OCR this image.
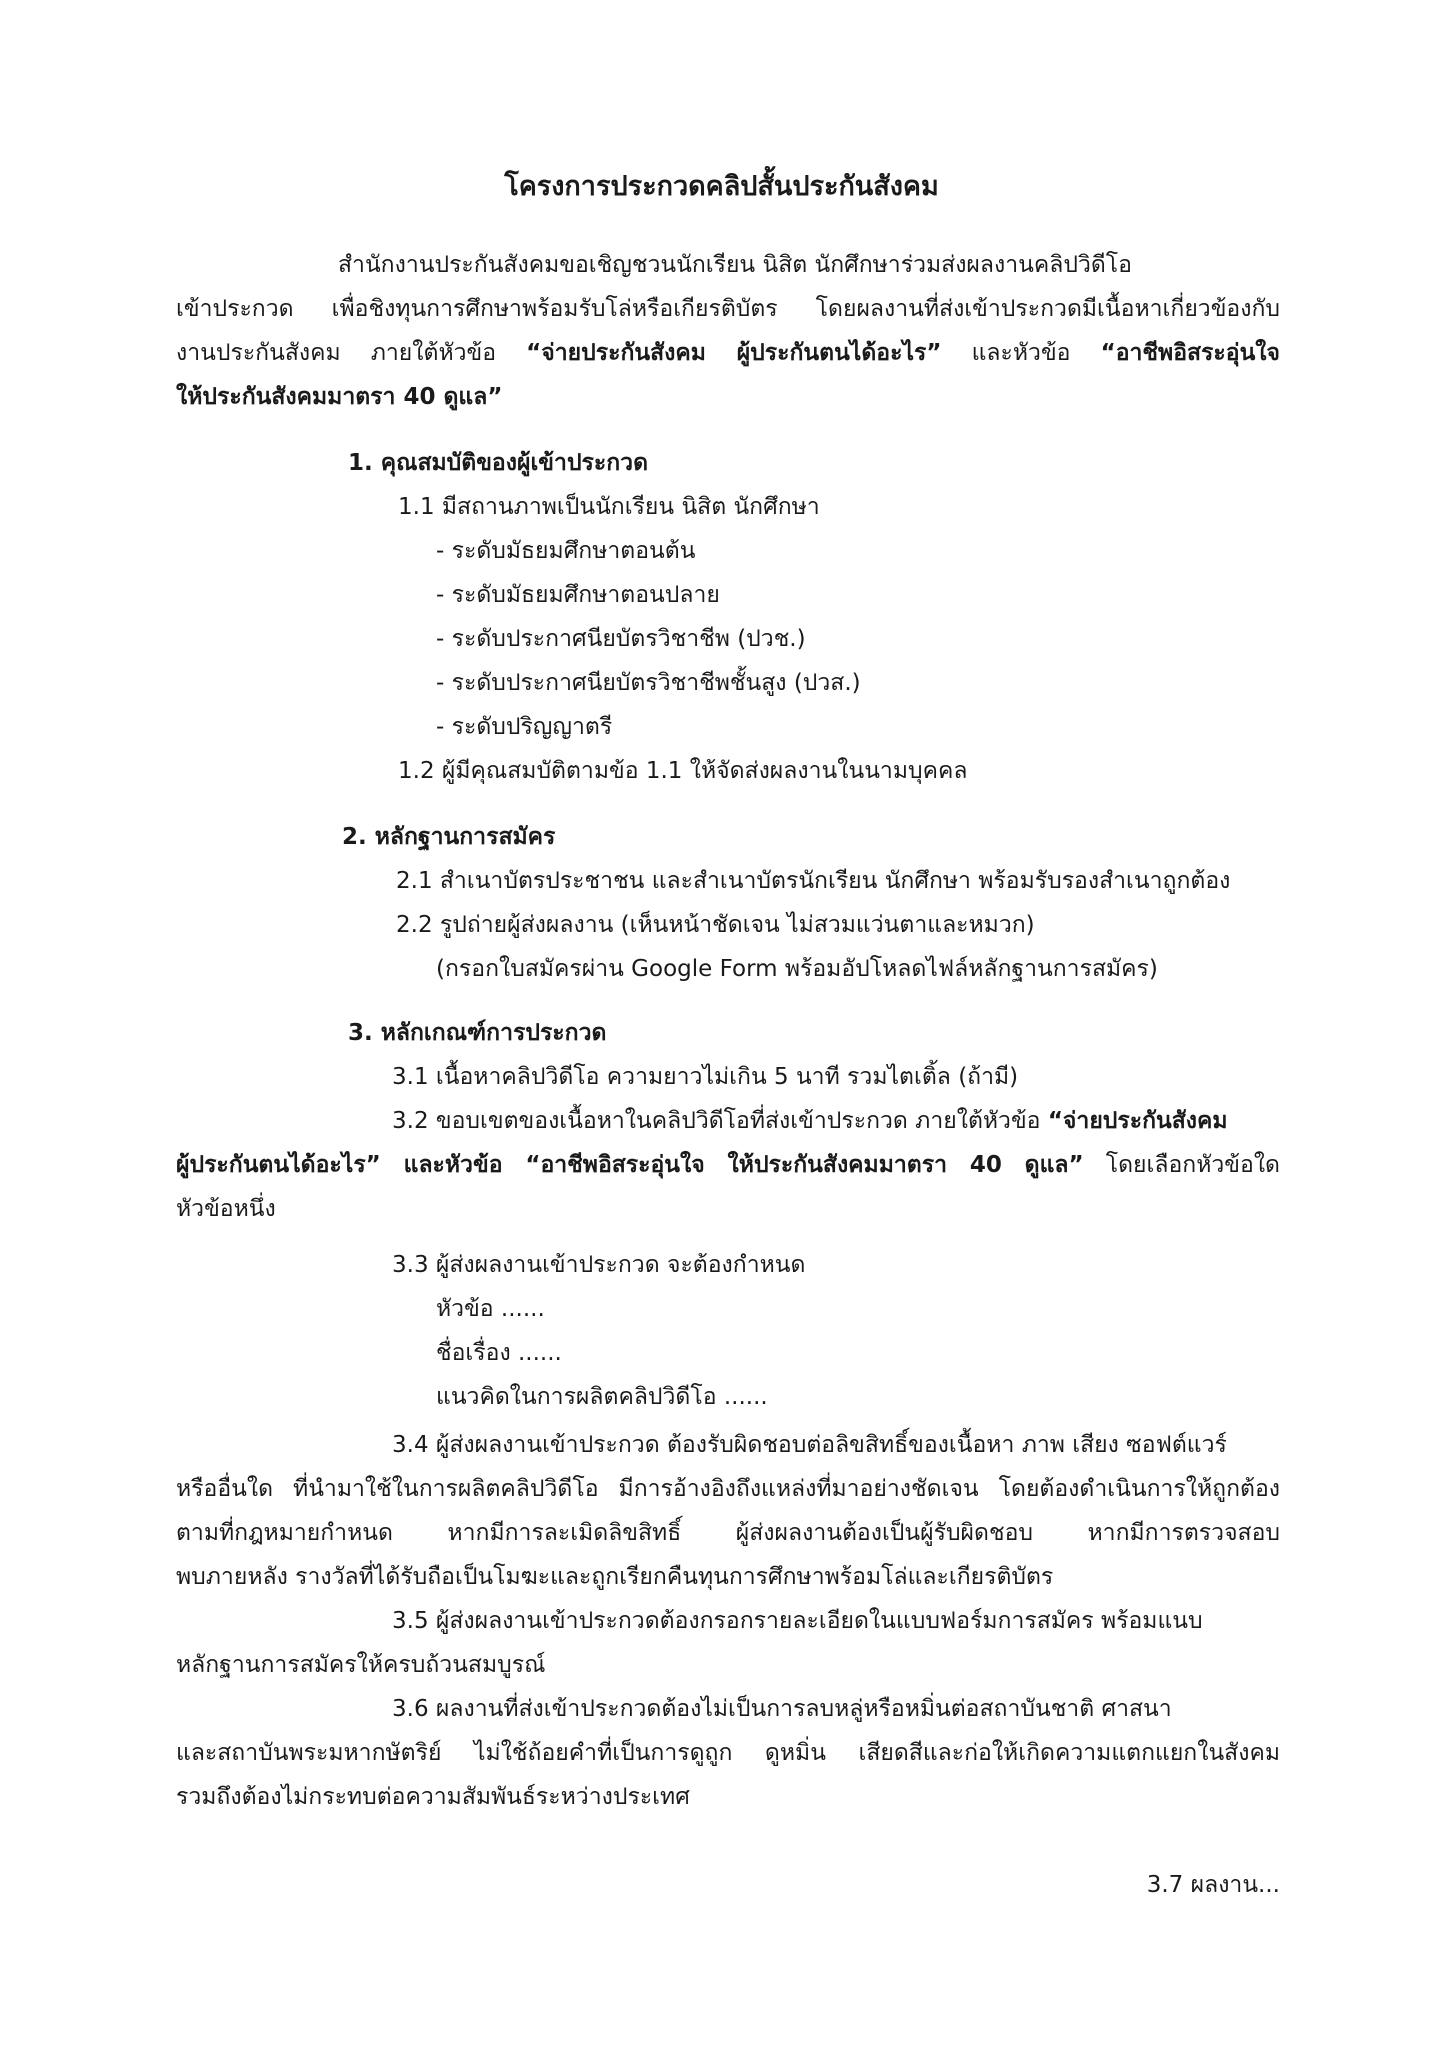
โครงการประกวดคลิปสั้นประกันสังคม
สำนักงานประกันสังคมขอเชิญชวนนักเรียน นิสิต นักศึกษาร่วมส่งผลงานคลิปวิดีโอ
เข้าประกวด เพื่อชิงทุนการศึกษาพร้อมรับโล่หรือเกียรติบัตร โดยผลงานที่ส่งเข้าประกวดมีเนื้อหาเกี่ยวข้องกับ
งานประกันสังคม ภายใต้หัวข้อ “จ่ายประกันสังคม ผู้ประกันตนได้อะไร” และหัวข้อ “อาชีพอิสระอุ่นใจ
ให้ประกันสังคมมาตรา 40 ดูแล”
1. คุณสมบัติของผู้เข้าประกวด
1.1 มีสถานภาพเป็นนักเรียน นิสิต นักศึกษา
- ระดับมัธยมศึกษาตอนต้น
- ระดับมัธยมศึกษาตอนปลาย
- ระดับประกาศนียบัตรวิชาชีพ (ปวช.)
- ระดับประกาศนียบัตรวิชาชีพชั้นสูง (ปวส.)
- ระดับปริญญาตรี
1.2 ผู้มีคุณสมบัติตามข้อ 1.1 ให้จัดส่งผลงานในนามบุคคล
2. หลักฐานการสมัคร
2.1 สำเนาบัตรประชาชน และสำเนาบัตรนักเรียน นักศึกษา พร้อมรับรองสำเนาถูกต้อง
2.2 รูปถ่ายผู้ส่งผลงาน (เห็นหน้าชัดเจน ไม่สวมแว่นตาและหมวก)
(กรอกใบสมัครผ่าน Google Form พร้อมอัปโหลดไฟล์หลักฐานการสมัคร)
3. หลักเกณฑ์การประกวด
3.1 เนื้อหาคลิปวิดีโอ ความยาวไม่เกิน 5 นาที รวมไตเติ้ล (ถ้ามี)
3.2 ขอบเขตของเนื้อหาในคลิปวิดีโอที่ส่งเข้าประกวด ภายใต้หัวข้อ “จ่ายประกันสังคม
ผู้ประกันตนได้อะไร” และหัวข้อ “อาชีพอิสระอุ่นใจ ให้ประกันสังคมมาตรา 40 ดูแล” โดยเลือกหัวข้อใด
หัวข้อหนึ่ง
3.3 ผู้ส่งผลงานเข้าประกวด จะต้องกำหนด
หัวข้อ ......
ชื่อเรื่อง ......
แนวคิดในการผลิตคลิปวิดีโอ ......
3.4 ผู้ส่งผลงานเข้าประกวด ต้องรับผิดชอบต่อลิขสิทธิ์ของเนื้อหา ภาพ เสียง ซอฟต์แวร์
หรืออื่นใด ที่นำมาใช้ในการผลิตคลิปวิดีโอ มีการอ้างอิงถึงแหล่งที่มาอย่างชัดเจน โดยต้องดำเนินการให้ถูกต้อง
ตามที่กฎหมายกำหนด หากมีการละเมิดลิขสิทธิ์ ผู้ส่งผลงานต้องเป็นผู้รับผิดชอบ หากมีการตรวจสอบ
พบภายหลัง รางวัลที่ได้รับถือเป็นโมฆะและถูกเรียกคืนทุนการศึกษาพร้อมโล่และเกียรติบัตร
3.5 ผู้ส่งผลงานเข้าประกวดต้องกรอกรายละเอียดในแบบฟอร์มการสมัคร พร้อมแนบ
หลักฐานการสมัครให้ครบถ้วนสมบูรณ์
3.6 ผลงานที่ส่งเข้าประกวดต้องไม่เป็นการลบหลู่หรือหมิ่นต่อสถาบันชาติ ศาสนา
และสถาบันพระมหากษัตริย์ ไม่ใช้ถ้อยคำที่เป็นการดูถูก ดูหมิ่น เสียดสีและก่อให้เกิดความแตกแยกในสังคม
รวมถึงต้องไม่กระทบต่อความสัมพันธ์ระหว่างประเทศ
3.7 ผลงาน...
